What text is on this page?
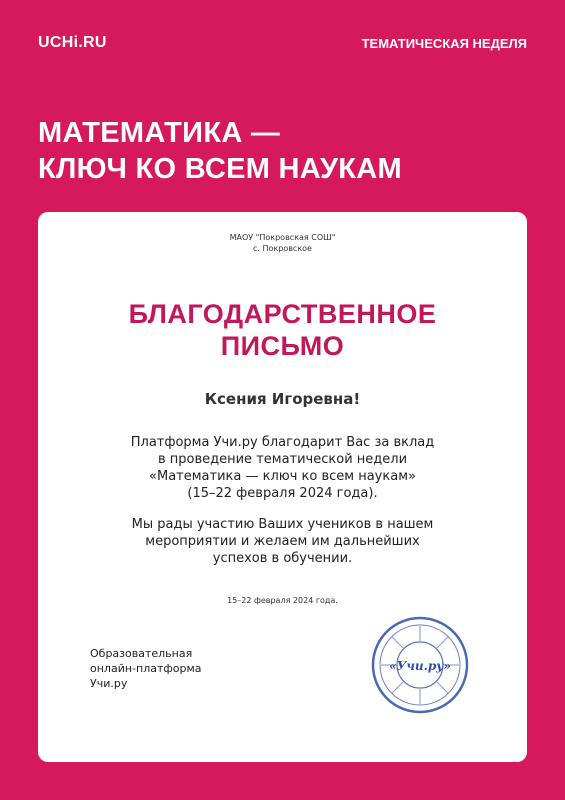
UCHi.RU	ТЕМАТИЧЕСКАЯ НЕДЕЛЯ
МАТЕМАТИКА —
КЛЮЧ КО ВСЕМ НАУКАМ
МАОУ "Покровская СОШ"
с. Покровское
БЛАГОДАРСТВЕННОЕ
ПИСЬМО
Ксения Игоревна!
Платформа Учи.ру благодарит Вас за вклад
в проведение тематической недели
«Математика — ключ ко всем наукам»
(15–22 февраля 2024 года).
Мы рады участию Ваших учеников в нашем
мероприятии и желаем им дальнейших
успехов в обучении.
15–22 февраля 2024 года.
Образовательная
онлайн-платформа
Учи.ру
«Учи.ру»
